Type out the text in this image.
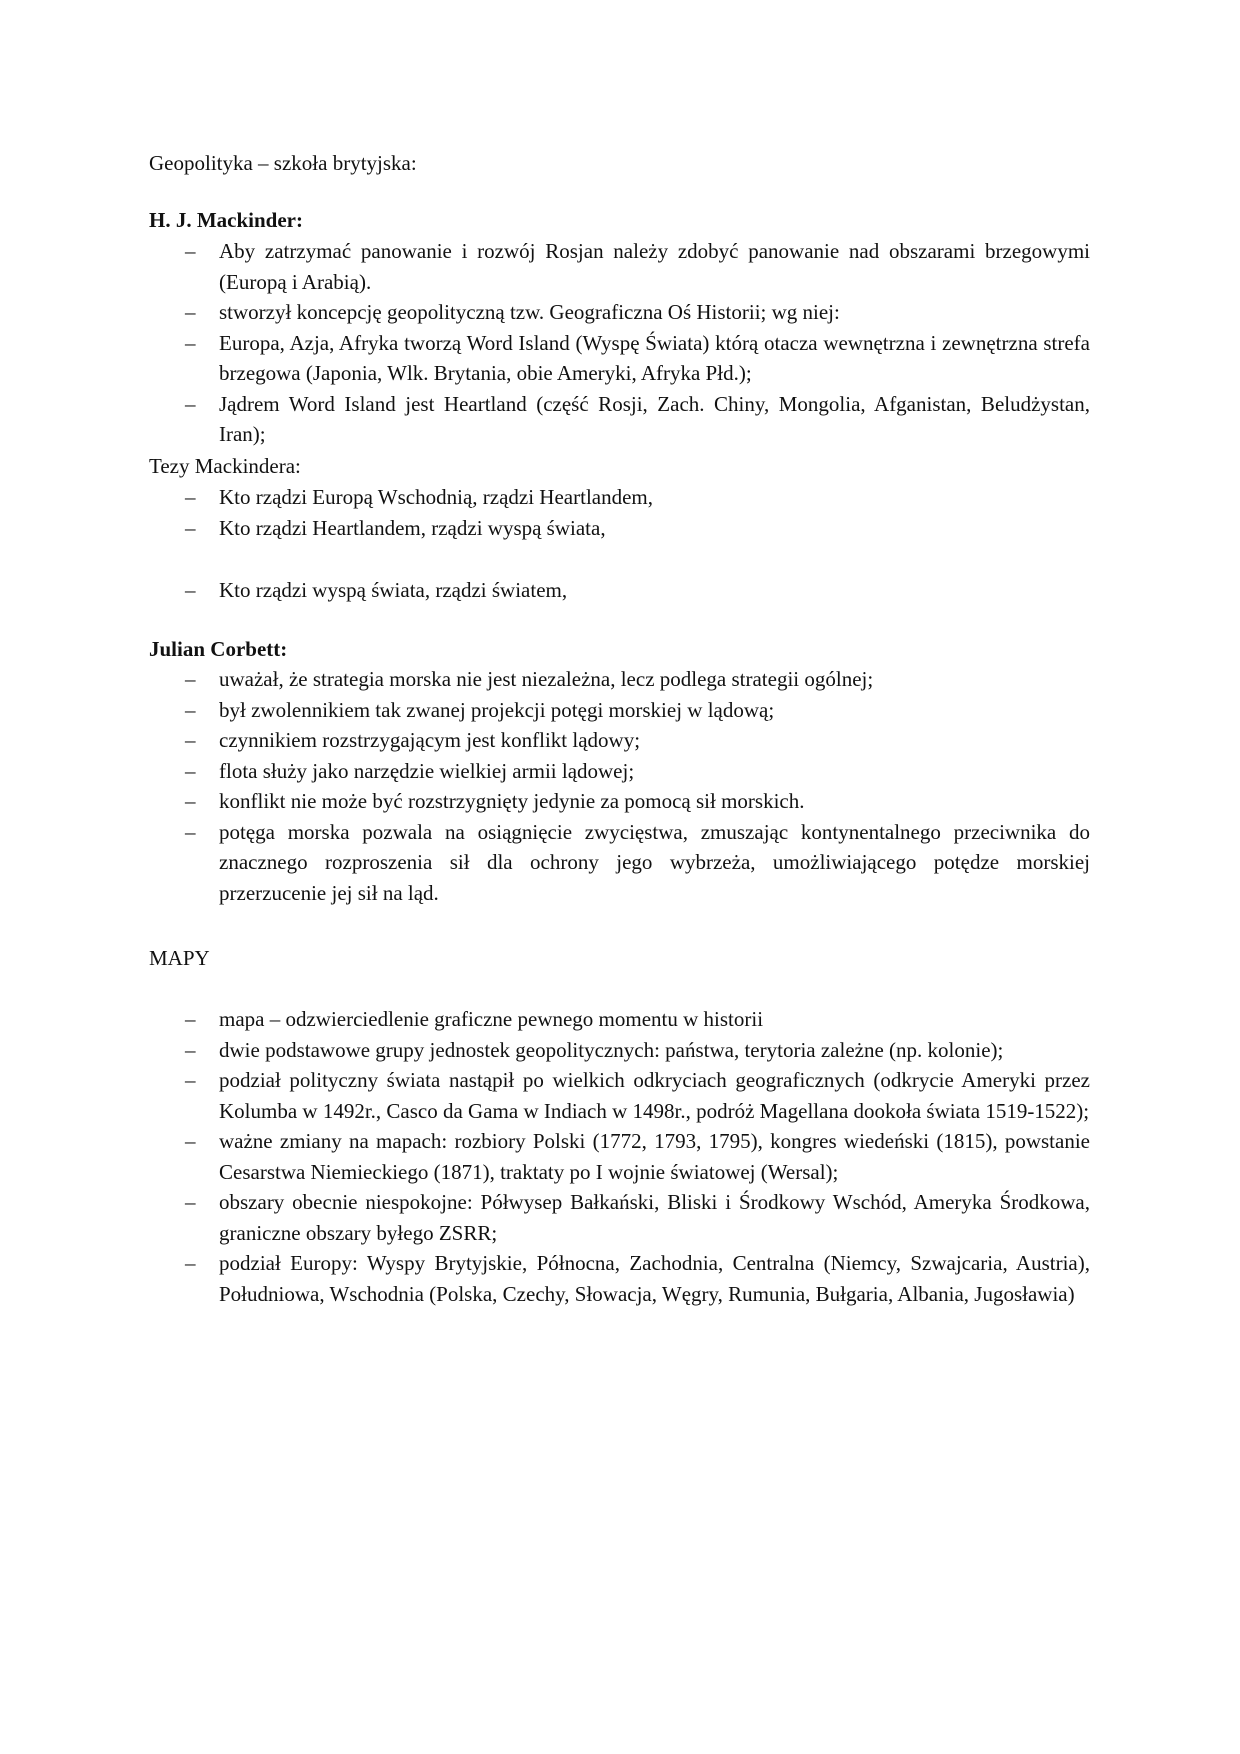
Geopolityka – szkoła brytyjska:
H. J. Mackinder:
– Aby zatrzymać panowanie i rozwój Rosjan należy zdobyć panowanie nad obszarami brzegowymi (Europą i Arabią).
– stworzył koncepcję geopolityczną tzw. Geograficzna Oś Historii; wg niej:
– Europa, Azja, Afryka tworzą Word Island (Wyspę Świata) którą otacza wewnętrzna i zewnętrzna strefa brzegowa (Japonia, Wlk. Brytania, obie Ameryki, Afryka Płd.);
– Jądrem Word Island jest Heartland (część Rosji, Zach. Chiny, Mongolia, Afganistan, Beludżystan, Iran);
Tezy Mackindera:
– Kto rządzi Europą Wschodnią, rządzi Heartlandem,
– Kto rządzi Heartlandem, rządzi wyspą świata,
– Kto rządzi wyspą świata, rządzi światem,
Julian Corbett:
– uważał, że strategia morska nie jest niezależna, lecz podlega strategii ogólnej;
– był zwolennikiem tak zwanej projekcji potęgi morskiej w lądową;
– czynnikiem rozstrzygającym jest konflikt lądowy;
– flota służy jako narzędzie wielkiej armii lądowej;
– konflikt nie może być rozstrzygnięty jedynie za pomocą sił morskich.
– potęga morska pozwala na osiągnięcie zwycięstwa, zmuszając kontynentalnego przeciwnika do znacznego rozproszenia sił dla ochrony jego wybrzeża, umożliwiającego potędze morskiej przerzucenie jej sił na ląd.
MAPY
– mapa – odzwierciedlenie graficzne pewnego momentu w historii
– dwie podstawowe grupy jednostek geopolitycznych: państwa, terytoria zależne (np. kolonie);
– podział polityczny świata nastąpił po wielkich odkryciach geograficznych (odkrycie Ameryki przez Kolumba w 1492r., Casco da Gama w Indiach w 1498r., podróż Magellana dookoła świata 1519-1522);
– ważne zmiany na mapach: rozbiory Polski (1772, 1793, 1795), kongres wiedeński (1815), powstanie Cesarstwa Niemieckiego (1871), traktaty po I wojnie światowej (Wersal);
– obszary obecnie niespokojne: Półwysep Bałkański, Bliski i Środkowy Wschód, Ameryka Środkowa, graniczne obszary byłego ZSRR;
– podział Europy: Wyspy Brytyjskie, Północna, Zachodnia, Centralna (Niemcy, Szwajcaria, Austria), Południowa, Wschodnia (Polska, Czechy, Słowacja, Węgry, Rumunia, Bułgaria, Albania, Jugosławia)
